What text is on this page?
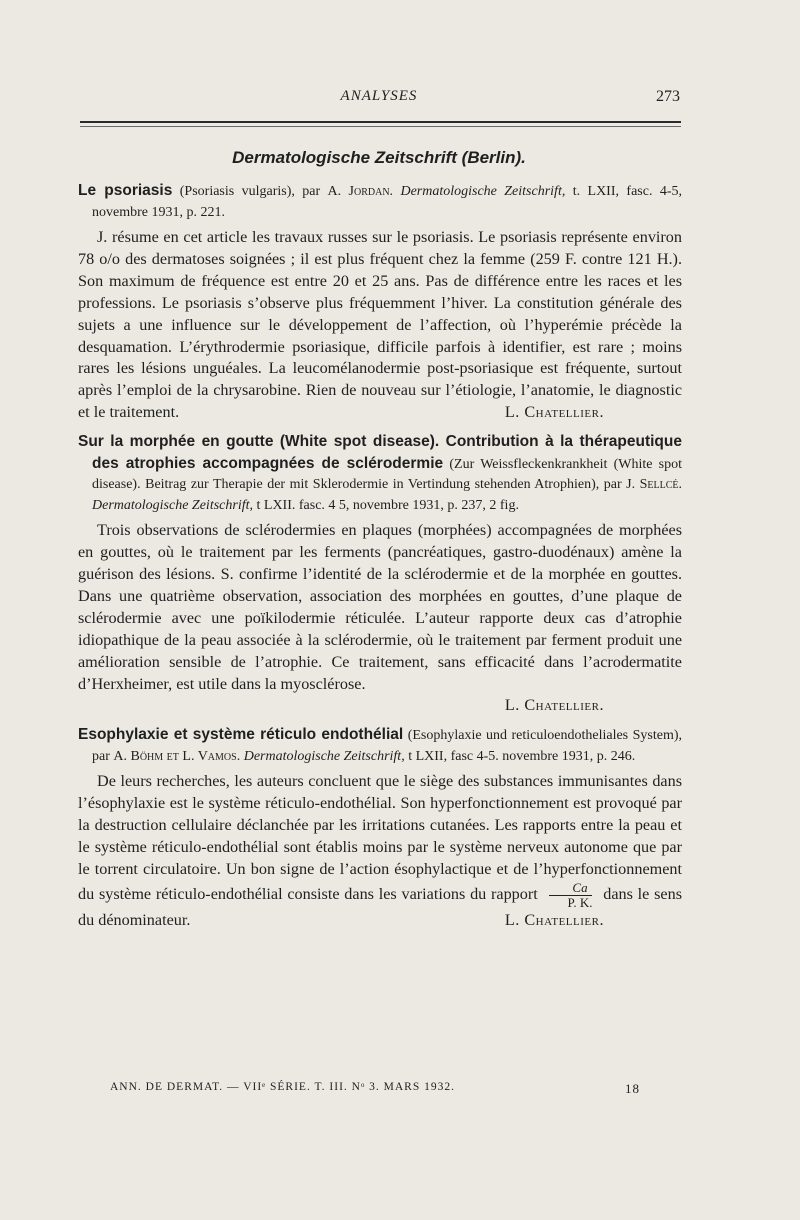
ANALYSES	273
Dermatologische Zeitschrift (Berlin).

Le psoriasis (Psoriasis vulgaris), par A. Jordan. Dermatologische Zeitschrift, t. LXII, fasc. 4-5, novembre 1931, p. 221.

J. résume en cet article les travaux russes sur le psoriasis. Le psoriasis représente environ 78 o/o des dermatoses soignées ; il est plus fréquent chez la femme (259 F. contre 121 H.). Son maximum de fréquence est entre 20 et 25 ans. Pas de différence entre les races et les professions. Le psoriasis s’observe plus fréquemment l’hiver. La constitution générale des sujets a une influence sur le développement de l’affection, où l’hyperémie précède la desquamation. L’érythrodermie psoriasique, difficile parfois à identifier, est rare ; moins rares les lésions unguéales. La leucomélanodermie post-psoriasique est fréquente, surtout après l’emploi de la chrysarobine. Rien de nouveau sur l’étiologie, l’anatomie, le diagnostic et le traitement.	L. Chatellier.

Sur la morphée en goutte (White spot disease). Contribution à la thérapeutique des atrophies accompagnées de sclérodermie (Zur Weissfleckenkrankheit (White spot disease). Beitrag zur Therapie der mit Sklerodermie in Vertindung stehenden Atrophien), par J. Sellcé. Dermatologische Zeitschrift, t LXII. fasc. 4 5, novembre 1931, p. 237, 2 fig.

Trois observations de sclérodermies en plaques (morphées) accompagnées de morphées en gouttes, où le traitement par les ferments (pancréatiques, gastro-duodénaux) amène la guérison des lésions. S. confirme l’identité de la sclérodermie et de la morphée en gouttes. Dans une quatrième observation, association des morphées en gouttes, d’une plaque de sclérodermie avec une poïkilodermie réticulée. L’auteur rapporte deux cas d’atrophie idiopathique de la peau associée à la sclérodermie, où le traitement par ferment produit une amélioration sensible de l’atrophie. Ce traitement, sans efficacité dans l’acrodermatite d’Herxheimer, est utile dans la myosclérose.

L. Chatellier.

Esophylaxie et système réticulo endothélial (Esophylaxie und reticuloendotheliales System), par A. Böhm et L. Vamos. Dermatologische Zeitschrift, t LXII, fasc 4-5. novembre 1931, p. 246.

De leurs recherches, les auteurs concluent que le siège des substances immunisantes dans l’ésophylaxie est le système réticulo-endothélial. Son hyperfonctionnement est provoqué par la destruction cellulaire déclanchée par les irritations cutanées. Les rapports entre la peau et le système réticulo-endothélial sont établis moins par le système nerveux autonome que par le torrent circulatoire. Un bon signe de l’action ésophylactique et de l’hyperfonctionnement du système réticulo-endothélial consiste dans les variations du rapport $\frac{Ca}{P. K.}$ dans le sens du dénominateur.	L. Chatellier.

ANN. DE DERMAT. — VIIᵉ SÉRIE. T. III. Nᵒ 3. MARS 1932.	18
